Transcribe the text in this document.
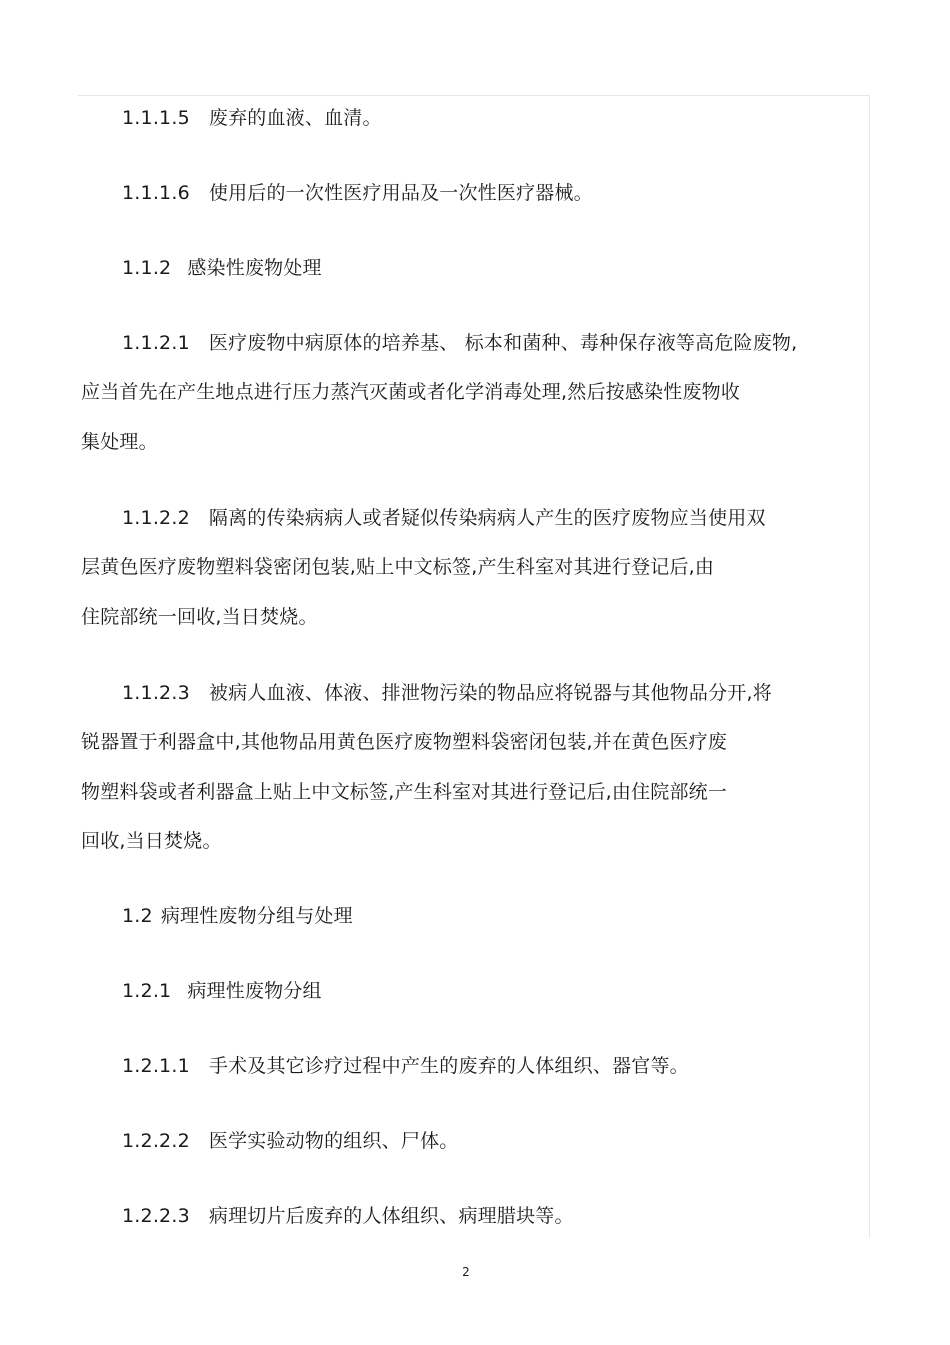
1.1.1.5 废弃的血液、血清。
1.1.1.6 使用后的一次性医疗用品及一次性医疗器械。
1.1.2 感染性废物处理
1.1.2.1 医疗废物中病原体的培养基、 标本和菌种、毒种保存液等高危险废物,
应当首先在产生地点进行压力蒸汽灭菌或者化学消毒处理,然后按感染性废物收
集处理。
1.1.2.2 隔离的传染病病人或者疑似传染病病人产生的医疗废物应当使用双
层黄色医疗废物塑料袋密闭包装,贴上中文标签,产生科室对其进行登记后,由
住院部统一回收,当日焚烧。
1.1.2.3 被病人血液、体液、排泄物污染的物品应将锐器与其他物品分开,将
锐器置于利器盒中,其他物品用黄色医疗废物塑料袋密闭包装,并在黄色医疗废
物塑料袋或者利器盒上贴上中文标签,产生科室对其进行登记后,由住院部统一
回收,当日焚烧。
1.2 病理性废物分组与处理
1.2.1 病理性废物分组
1.2.1.1 手术及其它诊疗过程中产生的废弃的人体组织、器官等。
1.2.2.2 医学实验动物的组织、尸体。
1.2.2.3 病理切片后废弃的人体组织、病理腊块等。
2
